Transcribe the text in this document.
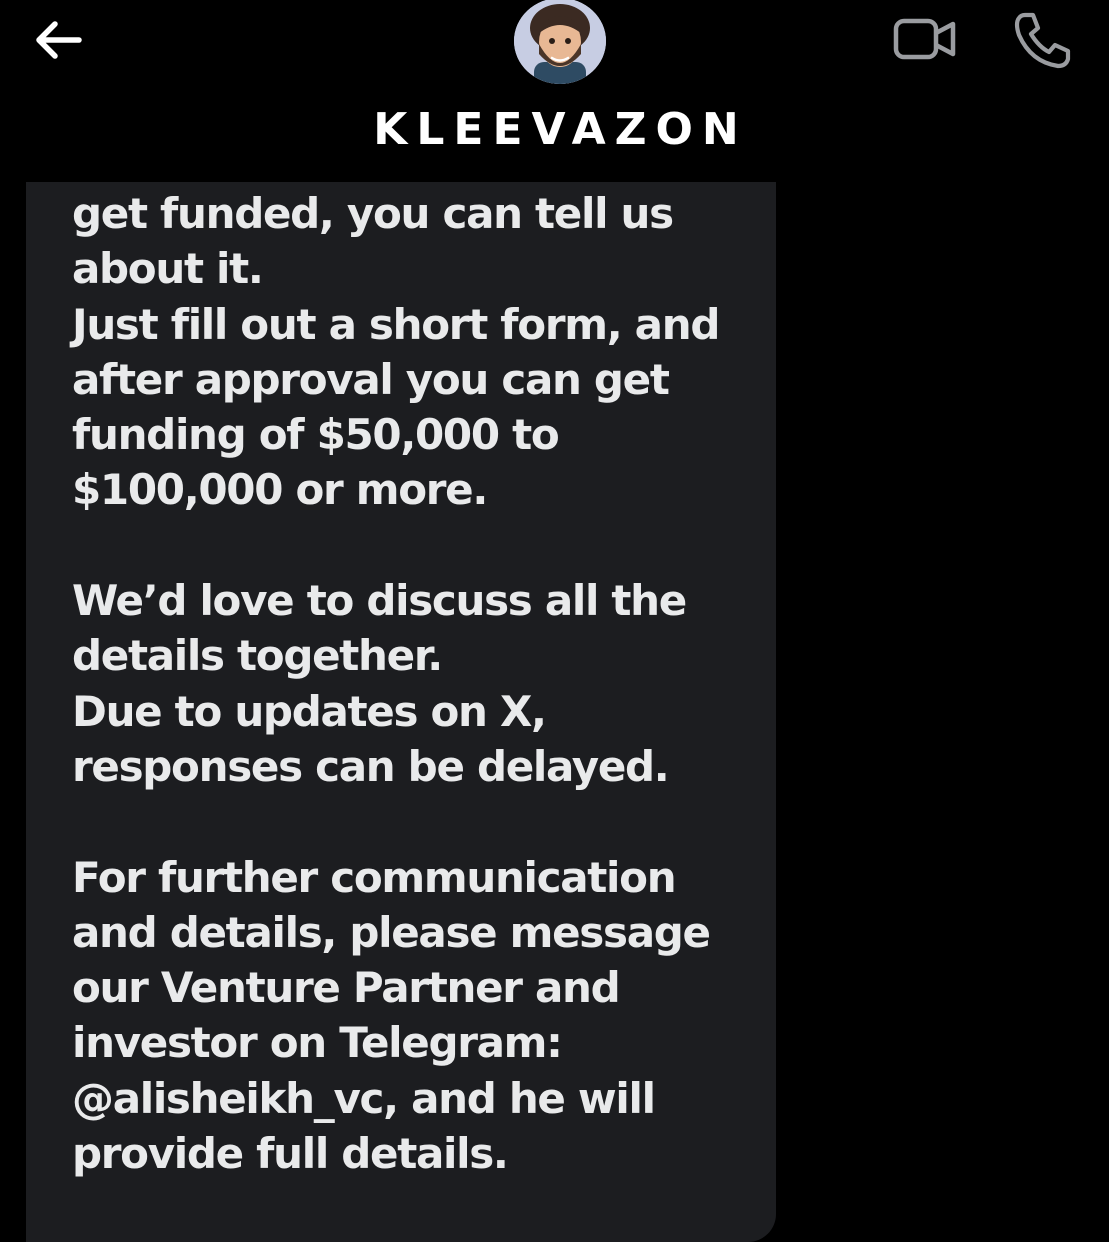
KLEEVAZON

get funded, you can tell us
about it.
Just fill out a short form, and
after approval you can get
funding of $50,000 to
$100,000 or more.
We’d love to discuss all the
details together.
Due to updates on X,
responses can be delayed.
For further communication
and details, please message
our Venture Partner and
investor on Telegram:
@alisheikh_vc, and he will
provide full details.
